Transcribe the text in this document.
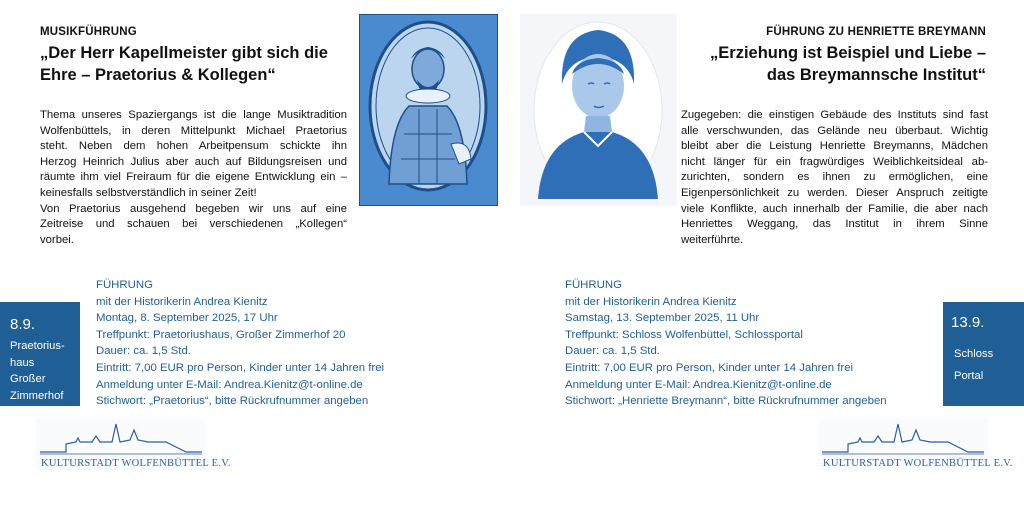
MUSIKFÜHRUNG
„Der Herr Kapellmeister gibt sich die
Ehre – Praetorius & Kollegen“

Thema unseres Spaziergangs ist die lange Musiktradition

Wolfenbüttels, in deren Mittelpunkt Michael Praetorius

steht. Neben dem hohen Arbeitpensum schickte ihn

Herzog Heinrich Julius aber auch auf Bildungsreisen und

räumte ihm viel Freiraum für die eigene Entwicklung ein –

keinesfalls selbstverständlich in seiner Zeit!

Von Praetorius ausgehend begeben wir uns auf eine

Zeitreise und schauen bei verschiedenen „Kollegen“

vorbei.

FÜHRUNG
mit der Historikerin Andrea Kienitz
Montag, 8. September 2025, 17 Uhr
Treffpunkt: Praetoriushaus, Großer Zimmerhof 20
Dauer: ca. 1,5 Std.
Eintritt: 7,00 EUR pro Person, Kinder unter 14 Jahren frei
Anmeldung unter E-Mail: Andrea.Kienitz@t-online.de
Stichwort: „Praetorius“, bitte Rückrufnummer angeben
8.9.
Praetorius-
haus
Großer
Zimmerhof
KULTURSTADT WOLFENBÜTTEL E.V.
FÜHRUNG ZU HENRIETTE BREYMANN
„Erziehung ist Beispiel und Liebe –
das Breymannsche Institut“

Zugegeben: die einstigen Gebäude des Instituts sind fast

alle verschwunden, das Gelände neu überbaut. Wichtig

bleibt aber die Leistung Henriette Breymanns, Mädchen

nicht länger für ein fragwürdiges Weiblichkeitsideal ab-

zurichten, sondern es ihnen zu ermöglichen, eine

Eigenpersönlichkeit zu werden. Dieser Anspruch zeitigte

viele Konflikte, auch innerhalb der Familie, die aber nach

Henriettes Weggang, das Institut in ihrem Sinne

weiterführte.

FÜHRUNG
mit der Historikerin Andrea Kienitz
Samstag, 13. September 2025, 11 Uhr
Treffpunkt: Schloss Wolfenbüttel, Schlossportal
Dauer: ca. 1,5 Std.
Eintritt: 7,00 EUR pro Person, Kinder unter 14 Jahren frei
Anmeldung unter E-Mail: Andrea.Kienitz@t-online.de
Stichwort: „Henriette Breymann“, bitte Rückrufnummer angeben
13.9.
Schloss
Portal
KULTURSTADT WOLFENBÜTTEL E.V.
